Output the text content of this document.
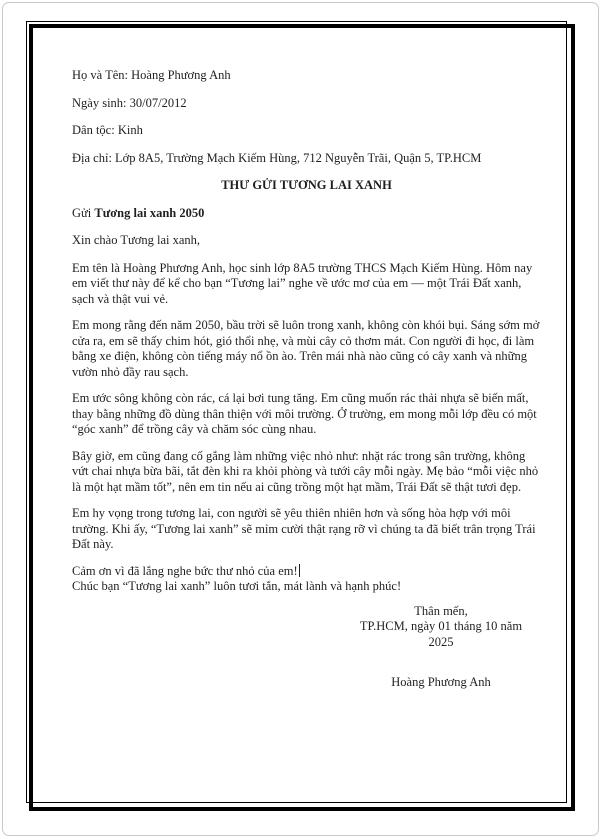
Họ và Tên: Hoàng Phương Anh

Ngày sinh: 30/07/2012

Dân tộc: Kinh

Địa chỉ: Lớp 8A5, Trường Mạch Kiếm Hùng, 712 Nguyễn Trãi, Quận 5, TP.HCM

THƯ GỬI TƯƠNG LAI XANH

Gửi Tương lai xanh 2050

Xin chào Tương lai xanh,

Em tên là Hoàng Phương Anh, học sinh lớp 8A5 trường THCS Mạch Kiếm Hùng. Hôm nay em viết thư này để kể cho bạn “Tương lai” nghe về ước mơ của em — một Trái Đất xanh, sạch và thật vui vẻ.

Em mong rằng đến năm 2050, bầu trời sẽ luôn trong xanh, không còn khói bụi. Sáng sớm mở cửa ra, em sẽ thấy chim hót, gió thổi nhẹ, và mùi cây cỏ thơm mát. Con người đi học, đi làm bằng xe điện, không còn tiếng máy nổ ồn ào. Trên mái nhà nào cũng có cây xanh và những vườn nhỏ đầy rau sạch.

Em ước sông không còn rác, cá lại bơi tung tăng. Em cũng muốn rác thải nhựa sẽ biến mất, thay bằng những đồ dùng thân thiện với môi trường. Ở trường, em mong mỗi lớp đều có một “góc xanh” để trồng cây và chăm sóc cùng nhau.

Bây giờ, em cũng đang cố gắng làm những việc nhỏ như: nhặt rác trong sân trường, không vứt chai nhựa bừa bãi, tắt đèn khi ra khỏi phòng và tưới cây mỗi ngày. Mẹ bảo “mỗi việc nhỏ là một hạt mầm tốt”, nên em tin nếu ai cũng trồng một hạt mầm, Trái Đất sẽ thật tươi đẹp.

Em hy vọng trong tương lai, con người sẽ yêu thiên nhiên hơn và sống hòa hợp với môi trường. Khi ấy, “Tương lai xanh” sẽ mỉm cười thật rạng rỡ vì chúng ta đã biết trân trọng Trái Đất này.

Cảm ơn vì đã lắng nghe bức thư nhỏ của em!
Chúc bạn “Tương lai xanh” luôn tươi tắn, mát lành và hạnh phúc!

Thân mến,

TP.HCM, ngày 01 tháng 10 năm

2025

Hoàng Phương Anh
